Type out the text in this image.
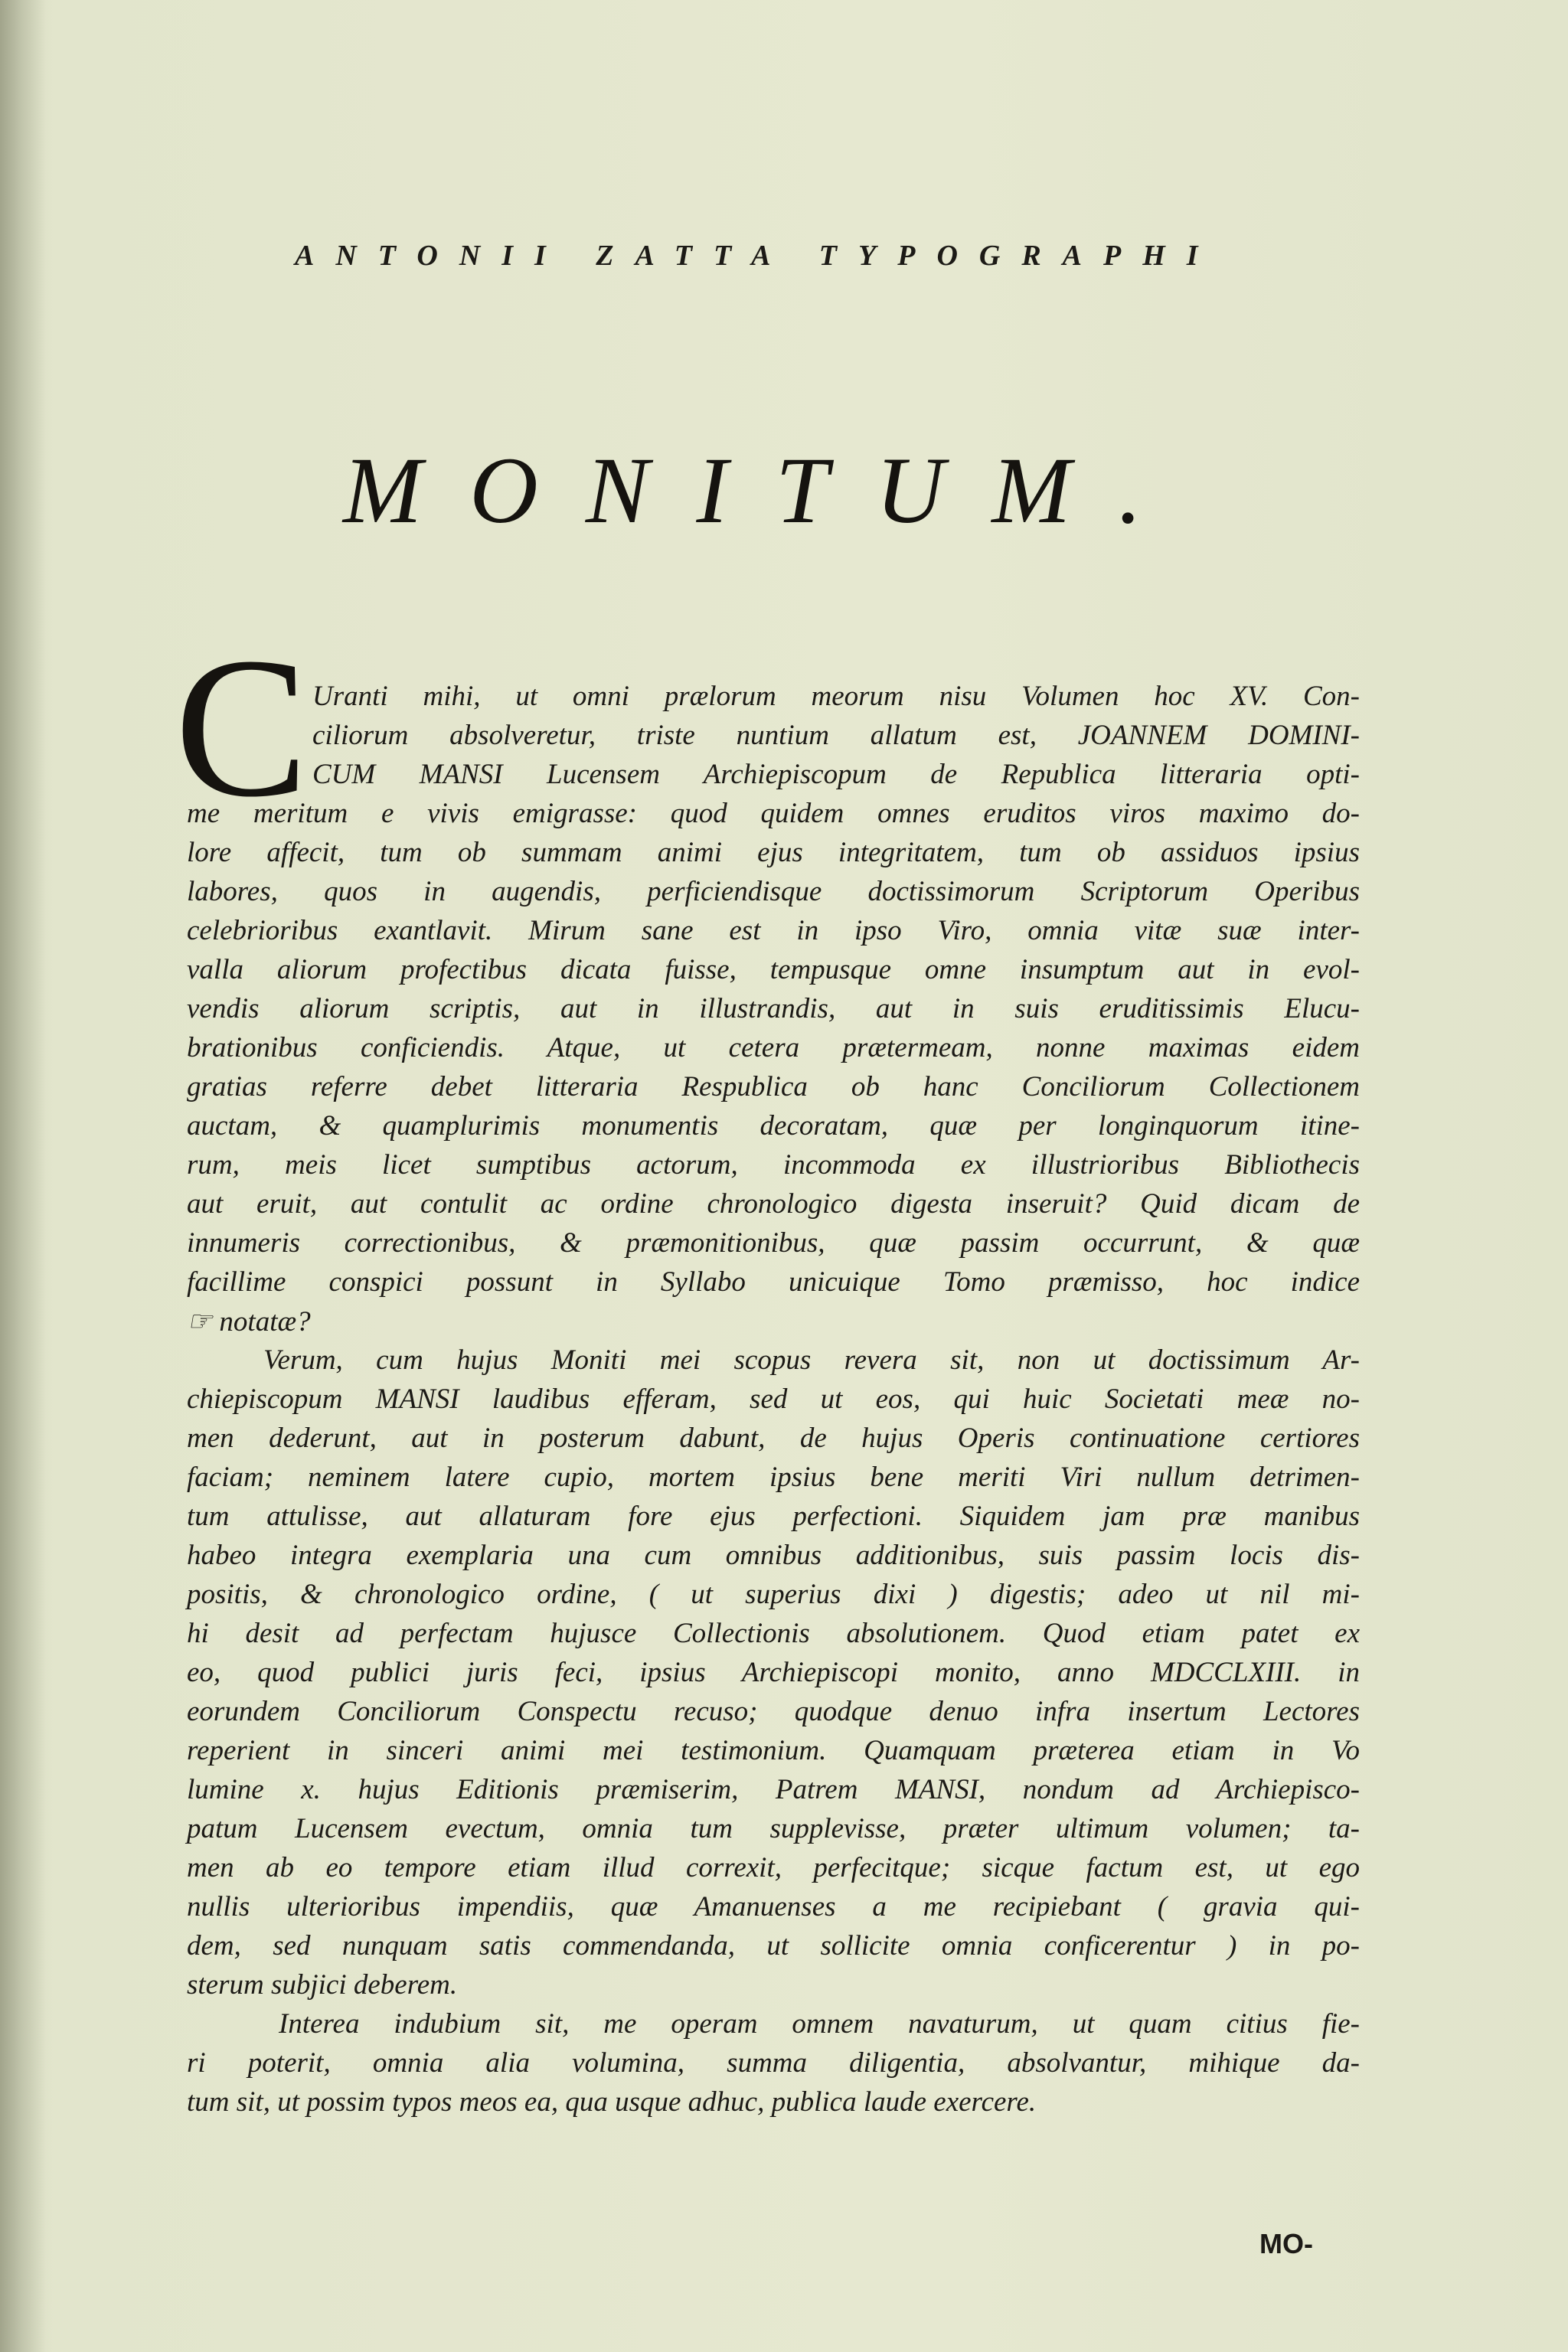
ANTONII ZATTA TYPOGRAPHI
MONITUM.
C Uranti mihi, ut omni prælorum meorum nisu Volumen hoc XV. Con-
ciliorum absolveretur, triste nuntium allatum est, JOANNEM DOMINI-
CUM MANSI Lucensem Archiepiscopum de Republica litteraria opti-
me meritum e vivis emigrasse: quod quidem omnes eruditos viros maximo do-
lore affecit, tum ob summam animi ejus integritatem, tum ob assiduos ipsius
labores, quos in augendis, perficiendisque doctissimorum Scriptorum Operibus
celebrioribus exantlavit. Mirum sane est in ipso Viro, omnia vitæ suæ inter-
valla aliorum profectibus dicata fuisse, tempusque omne insumptum aut in evol-
vendis aliorum scriptis, aut in illustrandis, aut in suis eruditissimis Elucu-
brationibus conficiendis. Atque, ut cetera prætermeam, nonne maximas eidem
gratias referre debet litteraria Respublica ob hanc Conciliorum Collectionem
auctam, & quamplurimis monumentis decoratam, quæ per longinquorum itine-
rum, meis licet sumptibus actorum, incommoda ex illustrioribus Bibliothecis
aut eruit, aut contulit ac ordine chronologico digesta inseruit? Quid dicam de
innumeris correctionibus, & præmonitionibus, quæ passim occurrunt, & quæ
facillime conspici possunt in Syllabo unicuique Tomo præmisso, hoc indice
☞ notatæ?
Verum, cum hujus Moniti mei scopus revera sit, non ut doctissimum Ar-
chiepiscopum MANSI laudibus efferam, sed ut eos, qui huic Societati meæ no-
men dederunt, aut in posterum dabunt, de hujus Operis continuatione certiores
faciam; neminem latere cupio, mortem ipsius bene meriti Viri nullum detrimen-
tum attulisse, aut allaturam fore ejus perfectioni. Siquidem jam præ manibus
habeo integra exemplaria una cum omnibus additionibus, suis passim locis dis-
positis, & chronologico ordine, ( ut superius dixi ) digestis; adeo ut nil mi-
hi desit ad perfectam hujusce Collectionis absolutionem. Quod etiam patet ex
eo, quod publici juris feci, ipsius Archiepiscopi monito, anno MDCCLXIII. in
eorundem Conciliorum Conspectu recuso; quodque denuo infra insertum Lectores
reperient in sinceri animi mei testimonium. Quamquam præterea etiam in Vo
lumine x. hujus Editionis præmiserim, Patrem MANSI, nondum ad Archiepisco-
patum Lucensem evectum, omnia tum supplevisse, præter ultimum volumen; ta-
men ab eo tempore etiam illud correxit, perfecitque; sicque factum est, ut ego
nullis ulterioribus impendiis, quæ Amanuenses a me recipiebant ( gravia qui-
dem, sed nunquam satis commendanda, ut sollicite omnia conficerentur ) in po-
sterum subjici deberem.
Interea indubium sit, me operam omnem navaturum, ut quam citius fie-
ri poterit, omnia alia volumina, summa diligentia, absolvantur, mihique da-
tum sit, ut possim typos meos ea, qua usque adhuc, publica laude exercere.
MO-
